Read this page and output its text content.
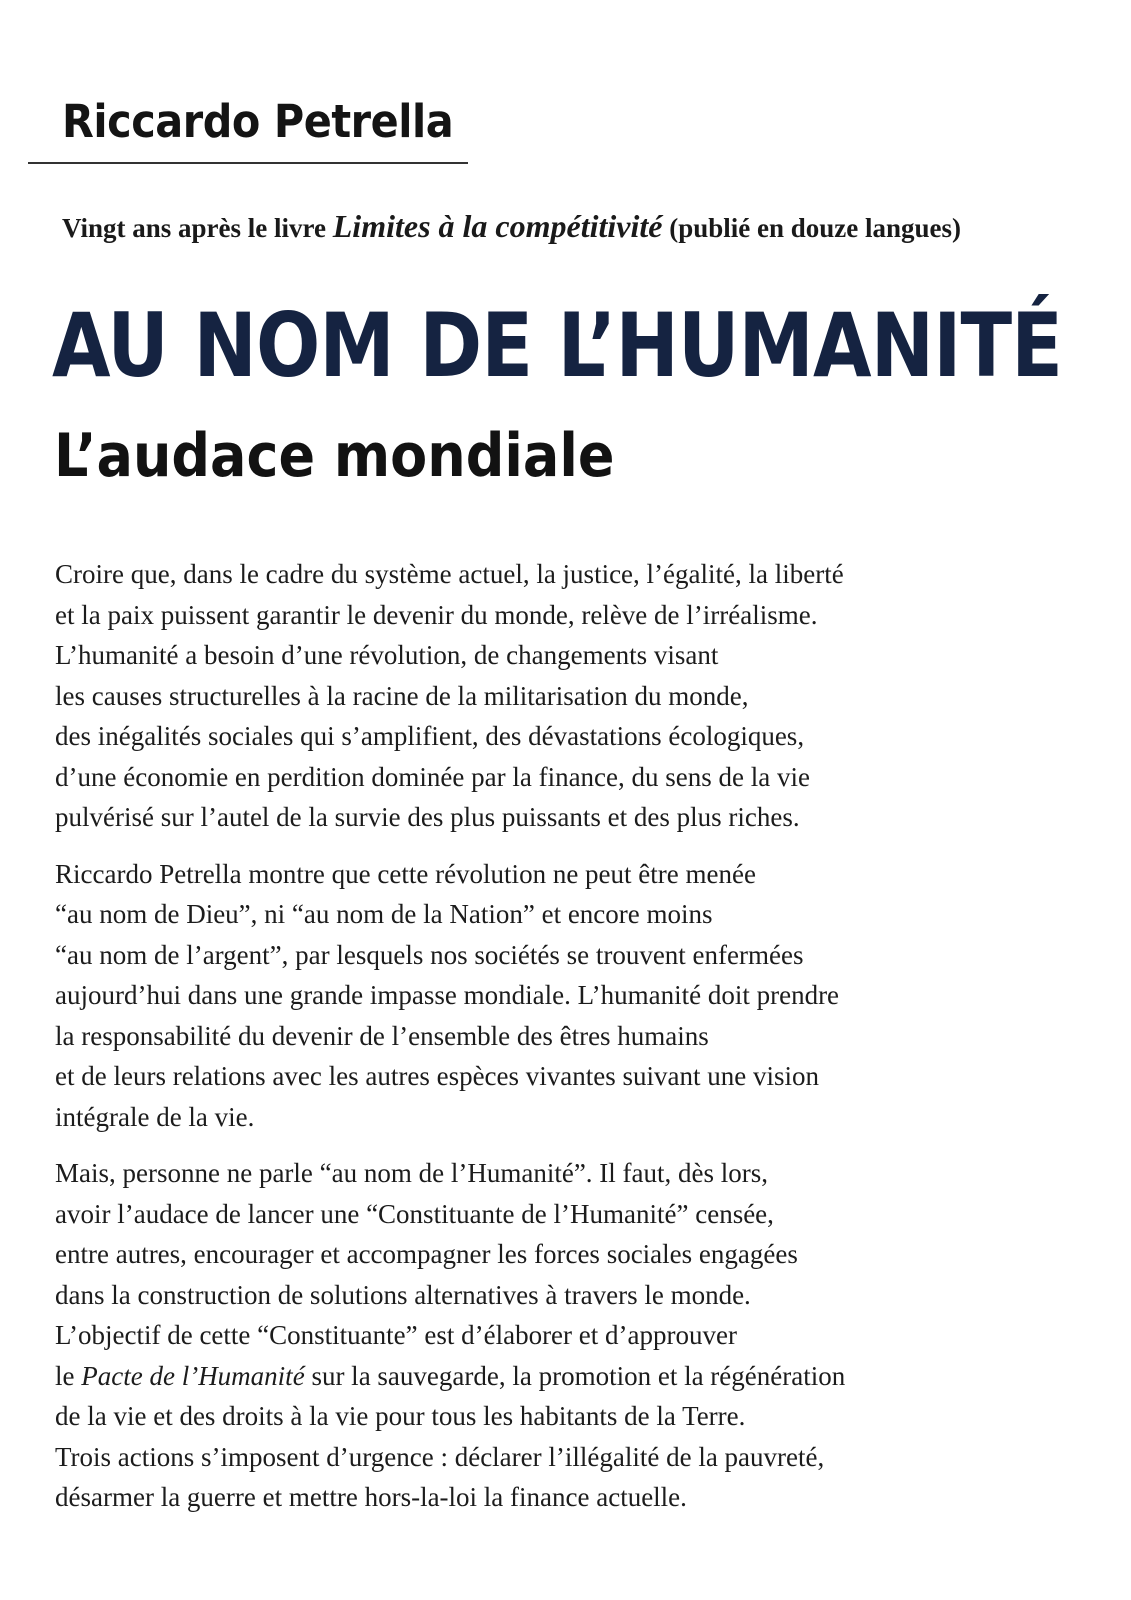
Riccardo Petrella

Vingt ans après le livre Limites à la compétitivité (publié en douze langues)

AU NOM DE L’HUMANITÉ
L’audace mondiale

Croire que, dans le cadre du système actuel, la justice, l’égalité, la liberté
et la paix puissent garantir le devenir du monde, relève de l’irréalisme.
L’humanité a besoin d’une révolution, de changements visant
les causes structurelles à la racine de la militarisation du monde,
des inégalités sociales qui s’amplifient, des dévastations écologiques,
d’une économie en perdition dominée par la finance, du sens de la vie
pulvérisé sur l’autel de la survie des plus puissants et des plus riches.

Riccardo Petrella montre que cette révolution ne peut être menée
“au nom de Dieu”, ni “au nom de la Nation” et encore moins
“au nom de l’argent”, par lesquels nos sociétés se trouvent enfermées
aujourd’hui dans une grande impasse mondiale. L’humanité doit prendre
la responsabilité du devenir de l’ensemble des êtres humains
et de leurs relations avec les autres espèces vivantes suivant une vision
intégrale de la vie.

Mais, personne ne parle “au nom de l’Humanité”. Il faut, dès lors,
avoir l’audace de lancer une “Constituante de l’Humanité” censée,
entre autres, encourager et accompagner les forces sociales engagées
dans la construction de solutions alternatives à travers le monde.
L’objectif de cette “Constituante” est d’élaborer et d’approuver
le Pacte de l’Humanité sur la sauvegarde, la promotion et la régénération
de la vie et des droits à la vie pour tous les habitants de la Terre.
Trois actions s’imposent d’urgence : déclarer l’illégalité de la pauvreté,
désarmer la guerre et mettre hors-la-loi la finance actuelle.
